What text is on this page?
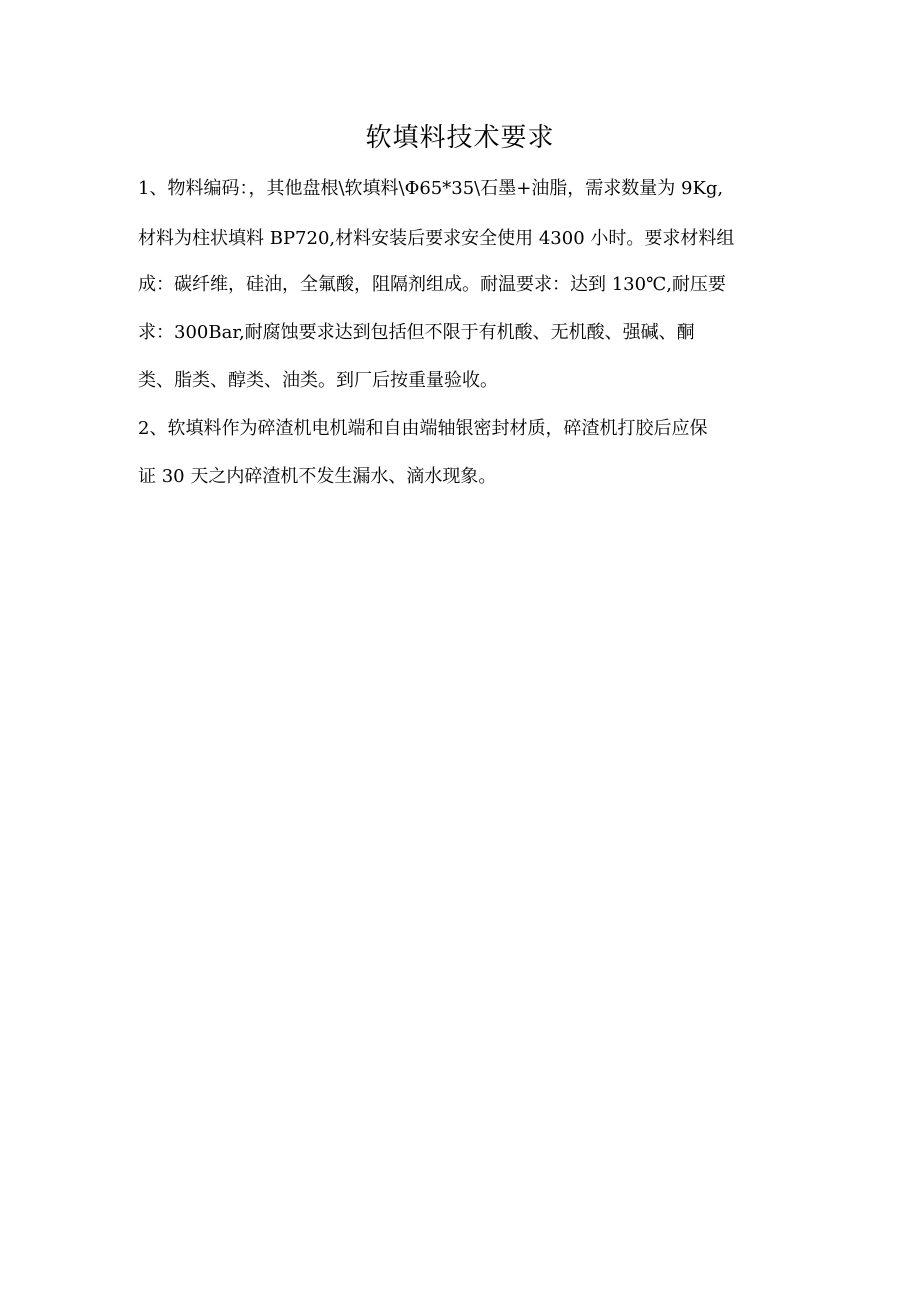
软填料技术要求
1、物料编码：，其他盘根\软填料\Φ65*35\石墨+油脂，需求数量为 9Kg,
材料为柱状填料 BP720,材料安装后要求安全使用 4300 小时。要求材料组
成：碳纤维，硅油，全氟酸，阻隔剂组成。耐温要求：达到 130℃,耐压要
求：300Bar,耐腐蚀要求达到包括但不限于有机酸、无机酸、强碱、酮
类、脂类、醇类、油类。到厂后按重量验收。
2、软填料作为碎渣机电机端和自由端轴银密封材质，碎渣机打胶后应保
证 30 天之内碎渣机不发生漏水、滴水现象。
